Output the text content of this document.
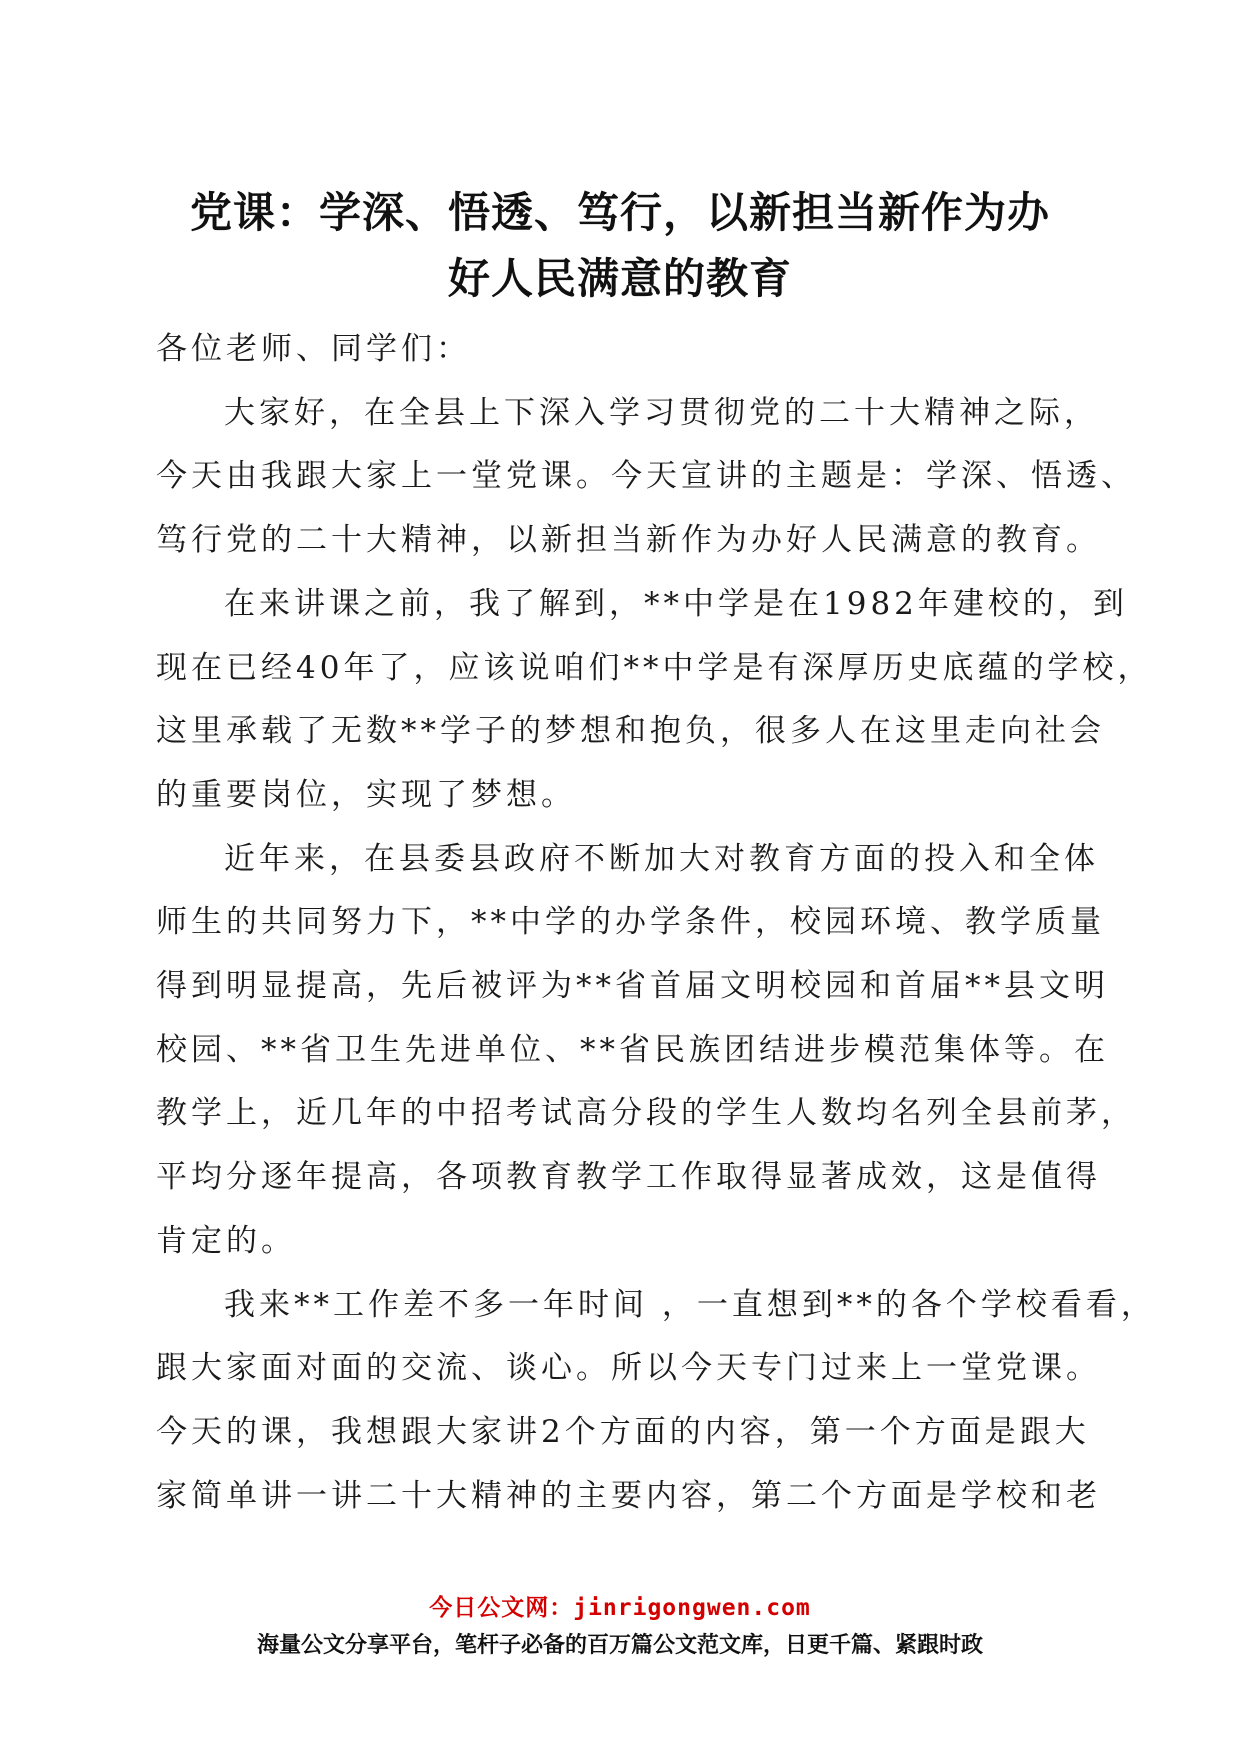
党课：学深、悟透、笃行，以新担当新作为办
好人民满意的教育

各位老师、同学们：

大家好，在全县上下深入学习贯彻党的二十大精神之际，

今天由我跟大家上一堂党课。今天宣讲的主题是：学深、悟透、

笃行党的二十大精神，以新担当新作为办好人民满意的教育。

在来讲课之前，我了解到，**中学是在1982年建校的，到

现在已经40年了，应该说咱们**中学是有深厚历史底蕴的学校，

这里承载了无数**学子的梦想和抱负，很多人在这里走向社会

的重要岗位，实现了梦想。

近年来，在县委县政府不断加大对教育方面的投入和全体

师生的共同努力下，**中学的办学条件，校园环境、教学质量

得到明显提高，先后被评为**省首届文明校园和首届**县文明

校园、**省卫生先进单位、**省民族团结进步模范集体等。在

教学上，近几年的中招考试高分段的学生人数均名列全县前茅，

平均分逐年提高，各项教育教学工作取得显著成效，这是值得

肯定的。

我来**工作差不多一年时间 ，一直想到**的各个学校看看，

跟大家面对面的交流、谈心。所以今天专门过来上一堂党课。

今天的课，我想跟大家讲2个方面的内容，第一个方面是跟大

家简单讲一讲二十大精神的主要内容，第二个方面是学校和老

今日公文网：jinrigongwen.com
海量公文分享平台，笔杆子必备的百万篇公文范文库，日更千篇、紧跟时政
